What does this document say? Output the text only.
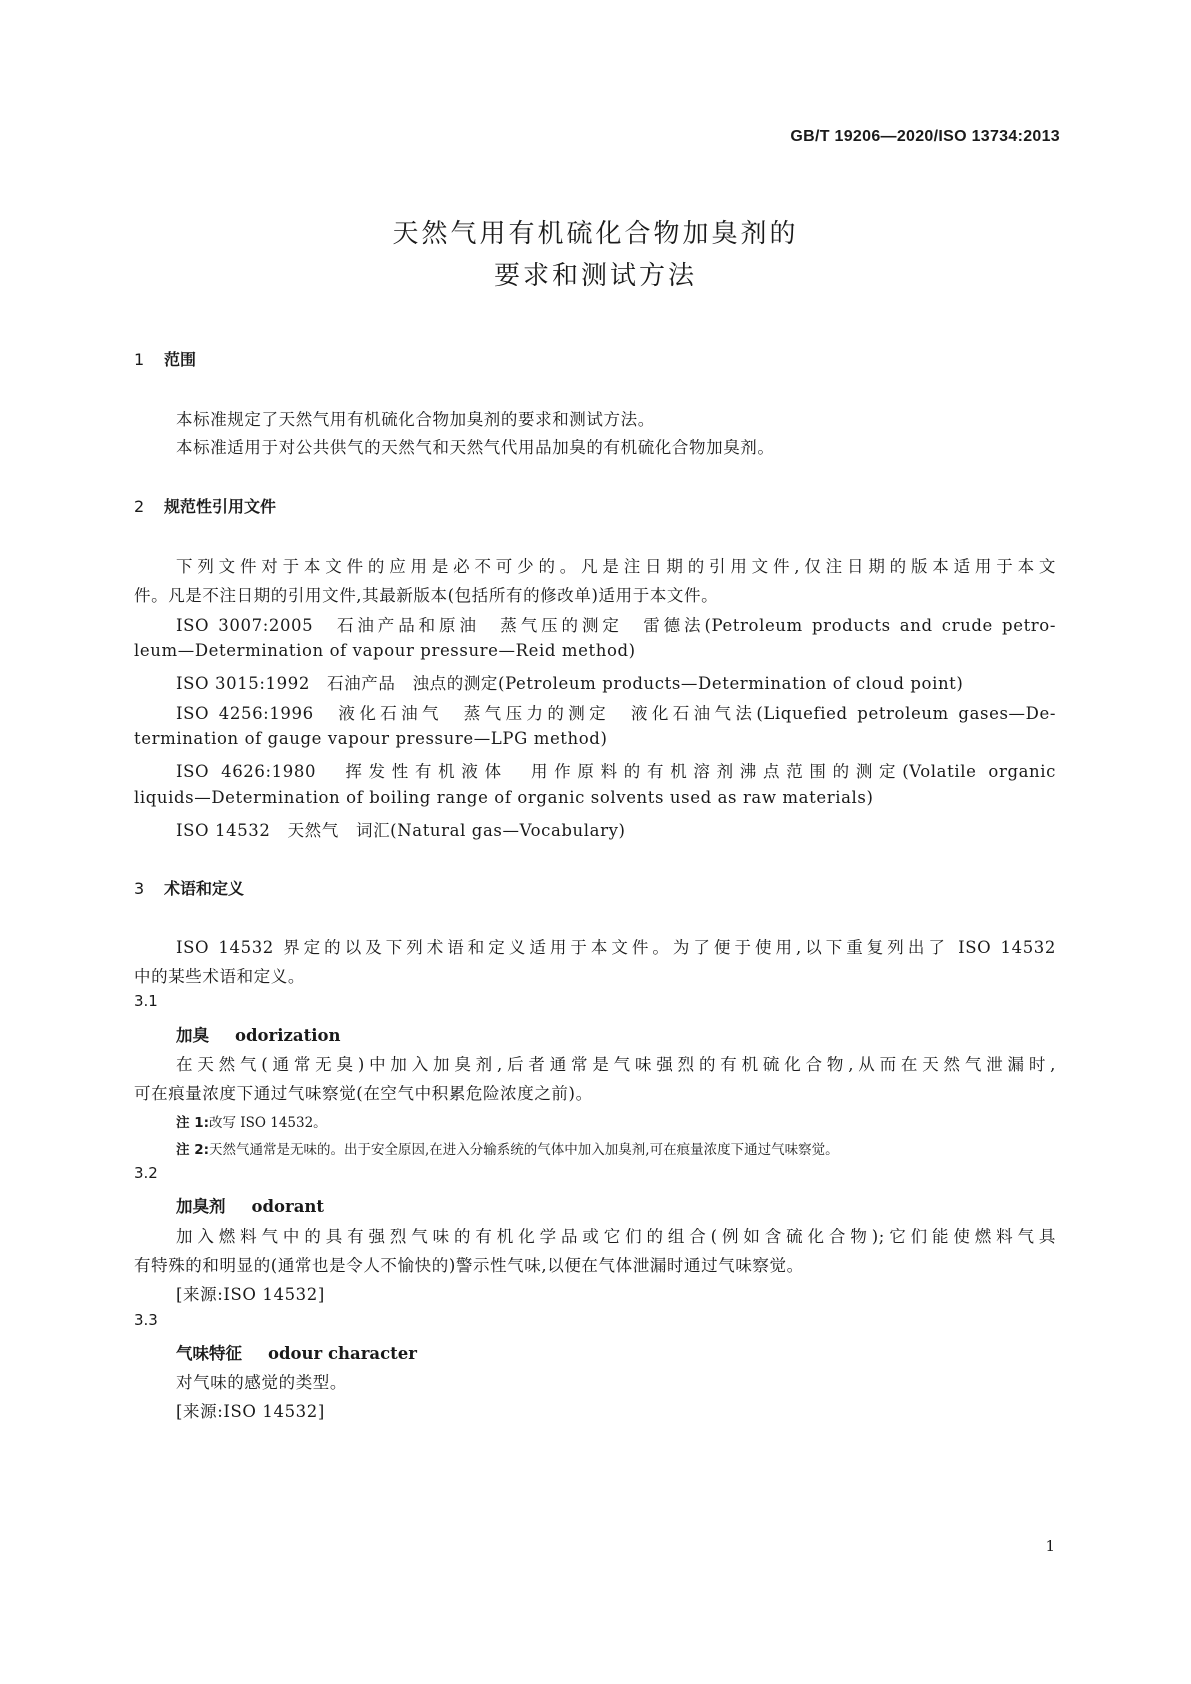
GB/T 19206—2020/ISO 13734:2013
天然气用有机硫化合物加臭剂的
要求和测试方法
1 范围
本标准规定了天然气用有机硫化合物加臭剂的要求和测试方法。
本标准适用于对公共供气的天然气和天然气代用品加臭的有机硫化合物加臭剂。
2 规范性引用文件
下列文件对于本文件的应用是必不可少的。凡是注日期的引用文件,仅注日期的版本适用于本文
件。凡是不注日期的引用文件,其最新版本(包括所有的修改单)适用于本文件。
ISO 3007:2005　石油产品和原油　蒸气压的测定　雷德法(Petroleum products and crude petro-
leum—Determination of vapour pressure—Reid method)
ISO 3015:1992　石油产品　浊点的测定(Petroleum products—Determination of cloud point)
ISO 4256:1996　液化石油气　蒸气压力的测定　液化石油气法(Liquefied petroleum gases—De-
termination of gauge vapour pressure—LPG method)
ISO 4626:1980　挥发性有机液体　用作原料的有机溶剂沸点范围的测定(Volatile organic
liquids—Determination of boiling range of organic solvents used as raw materials)
ISO 14532　天然气　词汇(Natural gas—Vocabulary)
3 术语和定义
ISO 14532 界定的以及下列术语和定义适用于本文件。为了便于使用,以下重复列出了 ISO 14532
中的某些术语和定义。
3.1
加臭 odorization
在天然气(通常无臭)中加入加臭剂,后者通常是气味强烈的有机硫化合物,从而在天然气泄漏时,
可在痕量浓度下通过气味察觉(在空气中积累危险浓度之前)。
注 1:改写 ISO 14532。
注 2:天然气通常是无味的。出于安全原因,在进入分输系统的气体中加入加臭剂,可在痕量浓度下通过气味察觉。
3.2
加臭剂 odorant
加入燃料气中的具有强烈气味的有机化学品或它们的组合(例如含硫化合物);它们能使燃料气具
有特殊的和明显的(通常也是令人不愉快的)警示性气味,以便在气体泄漏时通过气味察觉。
[来源:ISO 14532]
3.3
气味特征 odour character
对气味的感觉的类型。
[来源:ISO 14532]
1
